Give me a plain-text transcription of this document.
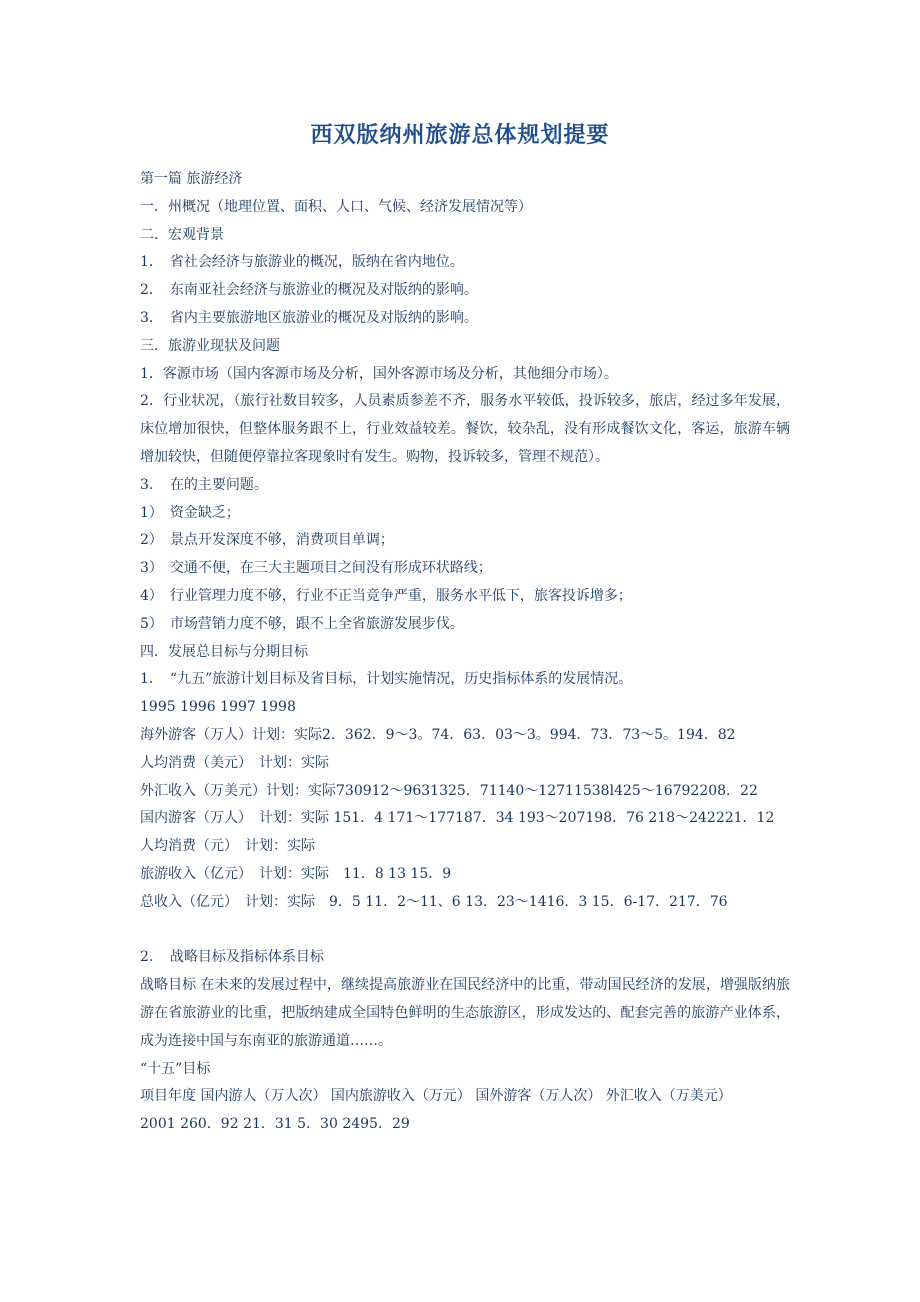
西双版纳州旅游总体规划提要
第一篇 旅游经济
一．州概况（地理位置、面积、人口、气候、经济发展情况等）
二．宏观背景
1．　省社会经济与旅游业的概况，版纳在省内地位。
2．　东南亚社会经济与旅游业的概况及对版纳的影响。
3．　省内主要旅游地区旅游业的概况及对版纳的影响。
三．旅游业现状及问题
1．客源市场（国内客源市场及分析，国外客源市场及分析，其他细分市场）。
2．行业状况，（旅行社数目较多，人员素质参差不齐，服务水平较低，投诉较多，旅店，经过多年发展，床位增加很快，但整体服务跟不上，行业效益较差。餐饮，较杂乱，没有形成餐饮文化，客运，旅游车辆增加较快，但随便停靠拉客现象时有发生。购物，投诉较多，管理不规范）。
3．　在的主要问题。
1）　资金缺乏；
2）　景点开发深度不够，消费项目单调；
3）　交通不便，在三大主题项目之间没有形成环状路线；
4）　行业管理力度不够，行业不正当竞争严重，服务水平低下，旅客投诉增多；
5）　市场营销力度不够，跟不上全省旅游发展步伐。
四．发展总目标与分期目标
1．　“九五”旅游计划目标及省目标，计划实施情况，历史指标体系的发展情况。
1995 1996 1997 1998
海外游客（万人）计划：实际2．362．9～3。74．63．03～3。994．73．73～5。194．82
人均消费（美元）　计划：实际
外汇收入（万美元）计划：实际730912～9631325．71140～12711538l425～16792208．22
国内游客（万人）　计划：实际 151．4 171～177187．34 193～207198．76 218～242221．12
人均消费（元）　计划：实际
旅游收入（亿元）　计划：实际　11．8 13 15．9
总收入（亿元）　计划：实际　9．5 11．2～11、6 13．23～1416．3 15．6-17．217．76
2．　战略目标及指标体系目标
战略目标 在未来的发展过程中，继续提高旅游业在国民经济中的比重，带动国民经济的发展，增强版纳旅游在省旅游业的比重，把版纳建成全国特色鲜明的生态旅游区，形成发达的、配套完善的旅游产业体系，成为连接中国与东南亚的旅游通道……。
“十五”目标
项目年度 国内游人（万人次） 国内旅游收入（万元） 国外游客（万人次） 外汇收入（万美元）
2001 260．92 21．31 5．30 2495．29
